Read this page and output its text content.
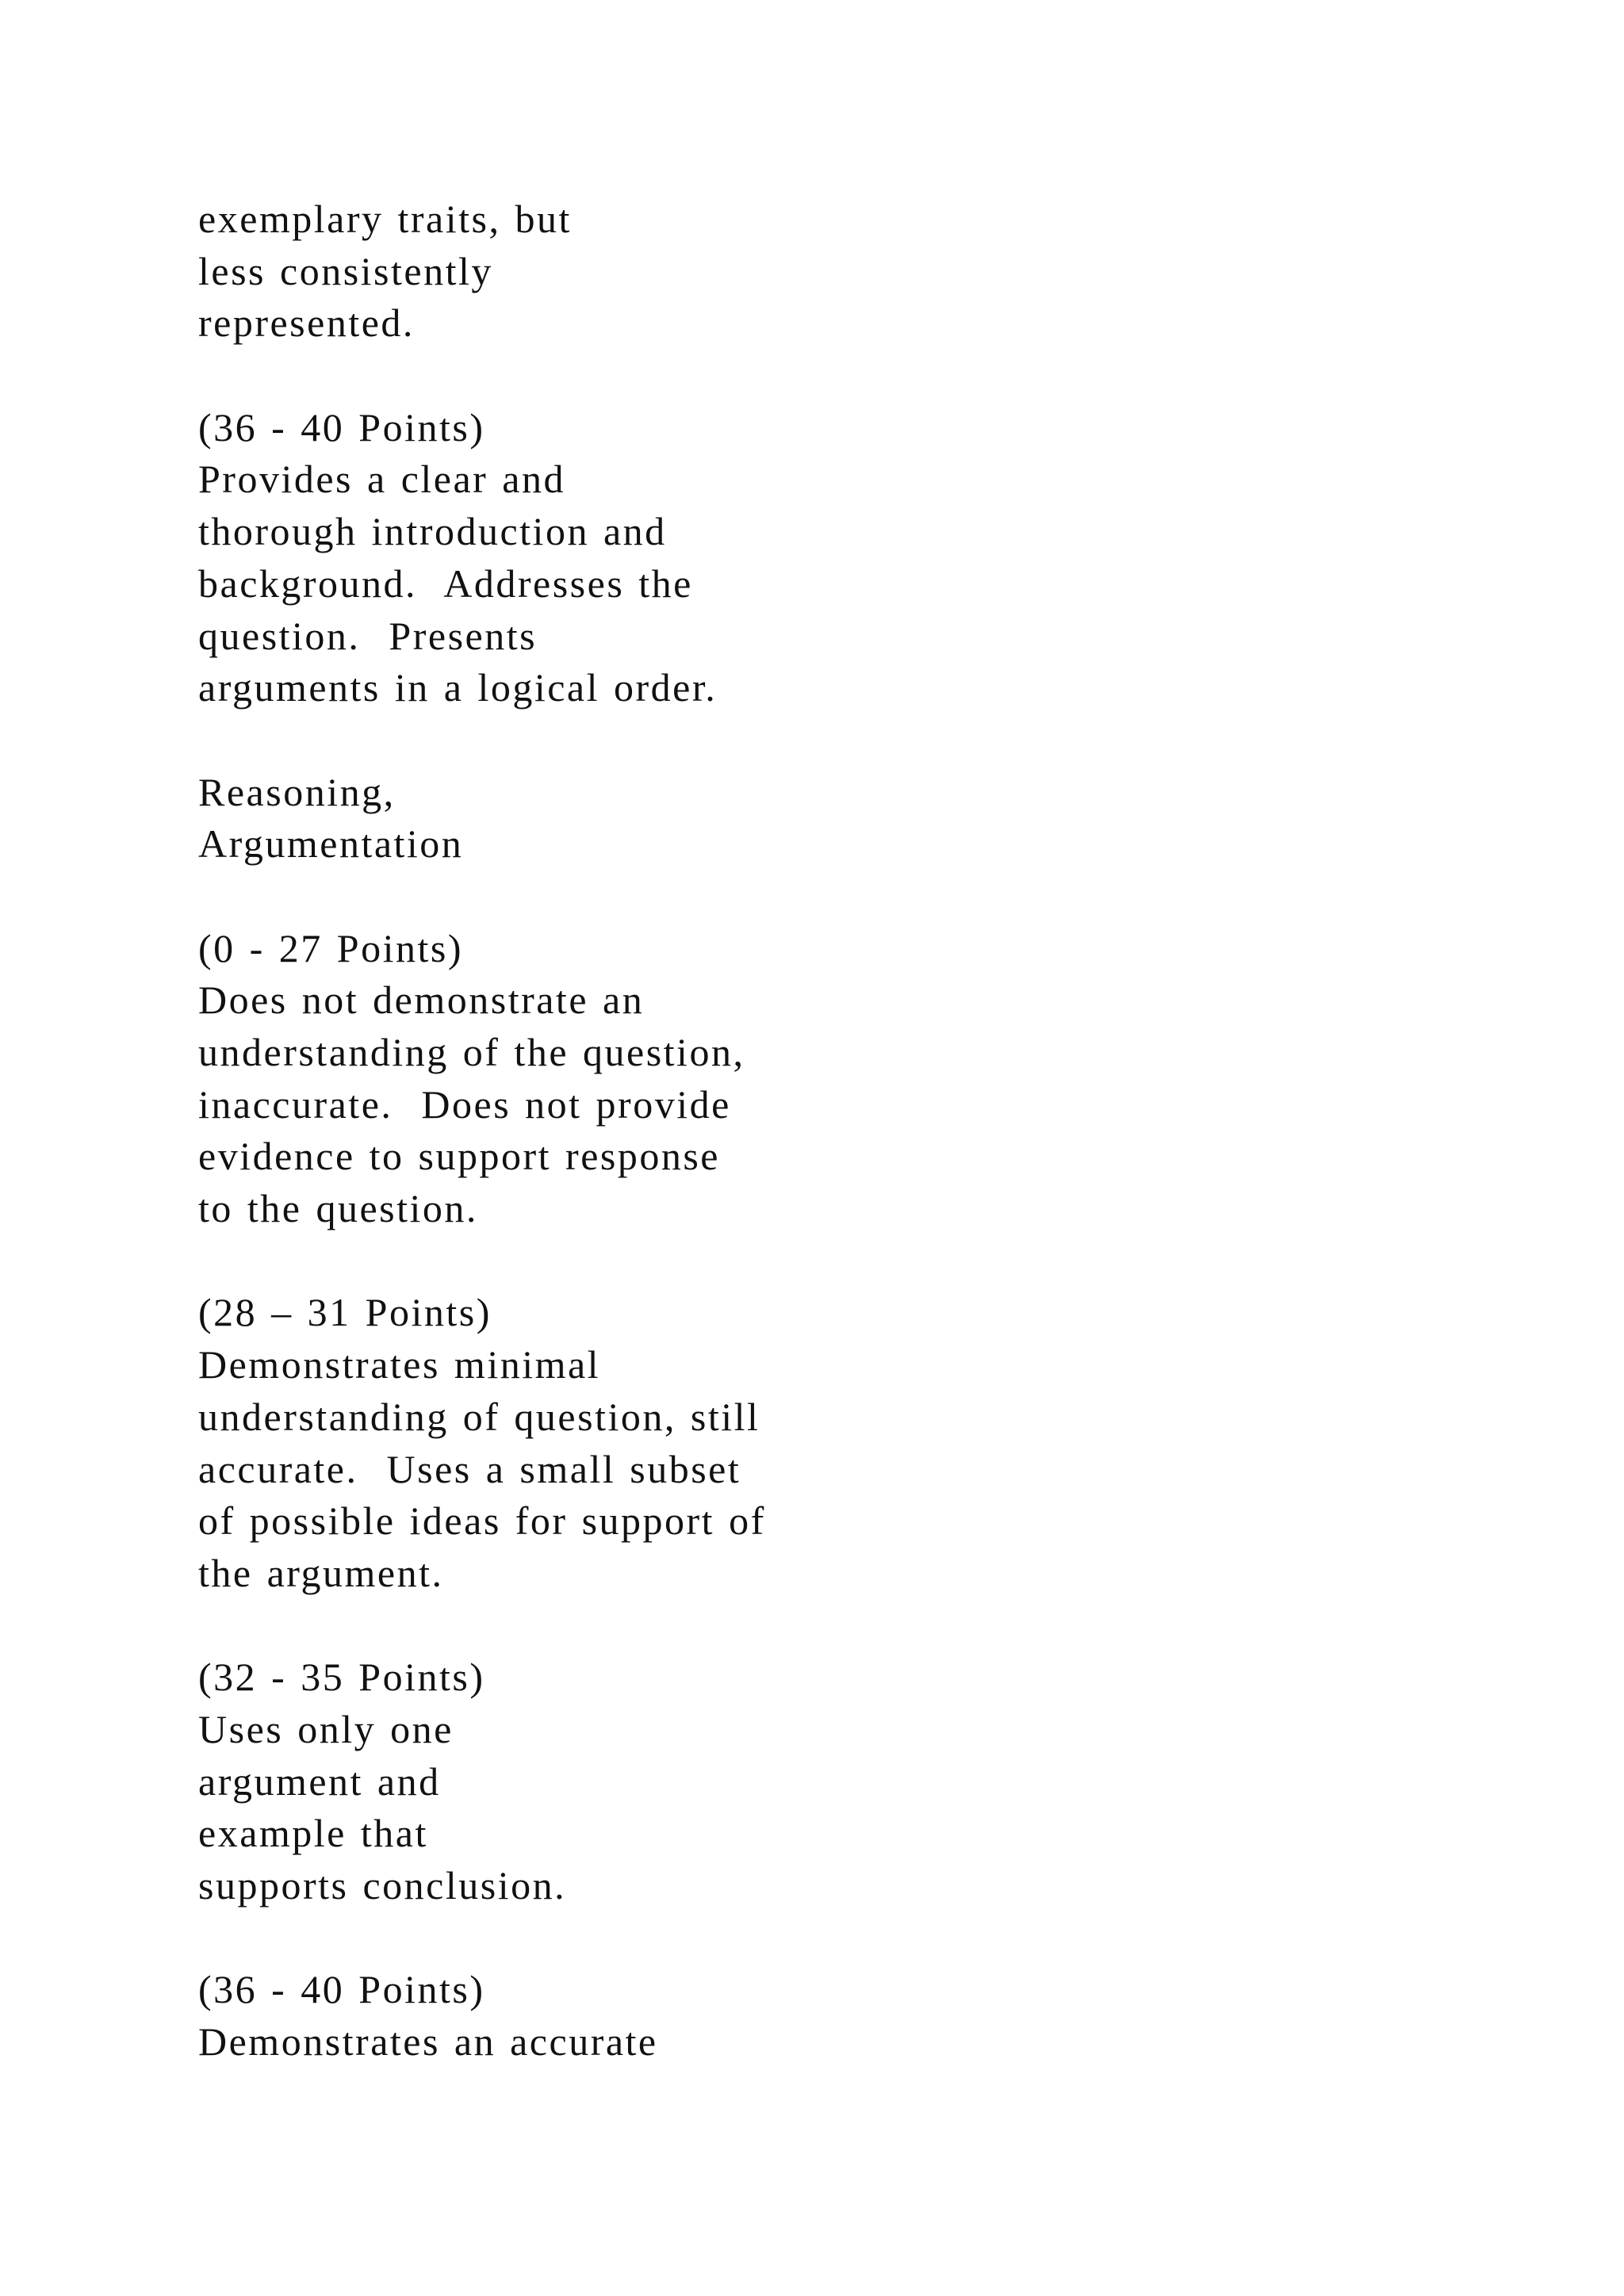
exemplary traits, but
less consistently
represented.
(36 - 40 Points)
Provides a clear and
thorough introduction and
background.  Addresses the
question.  Presents
arguments in a logical order.
Reasoning,
Argumentation
(0 - 27 Points)
Does not demonstrate an
understanding of the question,
inaccurate.  Does not provide
evidence to support response
to the question.
(28 – 31 Points)
Demonstrates minimal
understanding of question, still
accurate.  Uses a small subset
of possible ideas for support of
the argument.
(32 - 35 Points)
Uses only one
argument and
example that
supports conclusion.
(36 - 40 Points)
Demonstrates an accurate
